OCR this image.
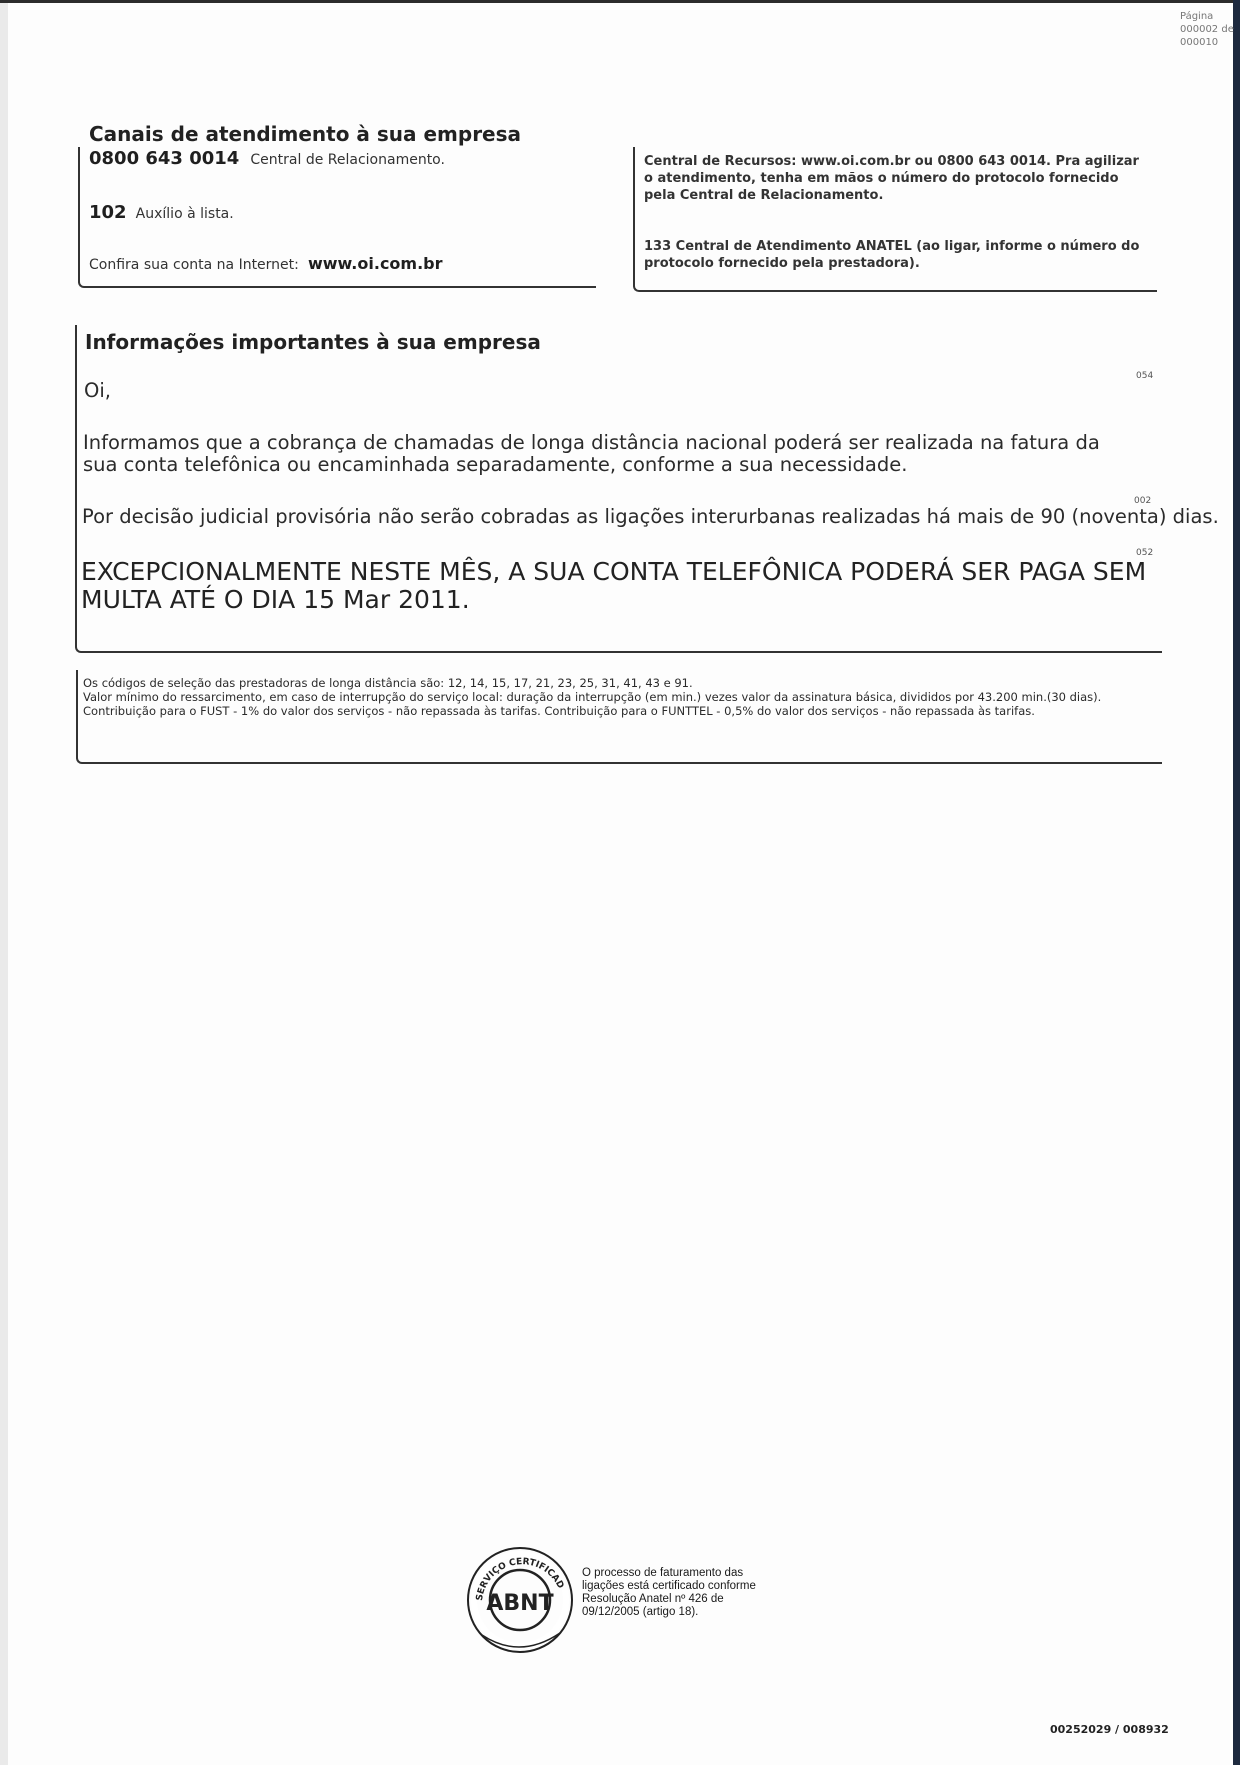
Página
000002 de
000010
Canais de atendimento à sua empresa
0800 643 0014 Central de Relacionamento.
102 Auxílio à lista.
Confira sua conta na Internet: www.oi.com.br
Central de Recursos: www.oi.com.br ou 0800 643 0014. Pra agilizar o atendimento, tenha em mãos o número do protocolo fornecido pela Central de Relacionamento.
133 Central de Atendimento ANATEL (ao ligar, informe o número do protocolo fornecido pela prestadora).
Informações importantes à sua empresa
Oi,
054
Informamos que a cobrança de chamadas de longa distância nacional poderá ser realizada na fatura da sua conta telefônica ou encaminhada separadamente, conforme a sua necessidade.
002
Por decisão judicial provisória não serão cobradas as ligações interurbanas realizadas há mais de 90 (noventa) dias.
052
EXCEPCIONALMENTE NESTE MÊS, A SUA CONTA TELEFÔNICA PODERÁ SER PAGA SEM MULTA ATÉ O DIA 15 Mar 2011.
Os códigos de seleção das prestadoras de longa distância são: 12, 14, 15, 17, 21, 23, 25, 31, 41, 43 e 91.
Valor mínimo do ressarcimento, em caso de interrupção do serviço local: duração da interrupção (em min.) vezes valor da assinatura básica, divididos por 43.200 min.(30 dias).
Contribuição para o FUST - 1% do valor dos serviços - não repassada às tarifas. Contribuição para o FUNTTEL - 0,5% do valor dos serviços - não repassada às tarifas.
SERVIÇO CERTIFICAD
ABNT
O processo de faturamento das ligações está certificado conforme Resolução Anatel nº 426 de 09/12/2005 (artigo 18).
00252029 / 008932
